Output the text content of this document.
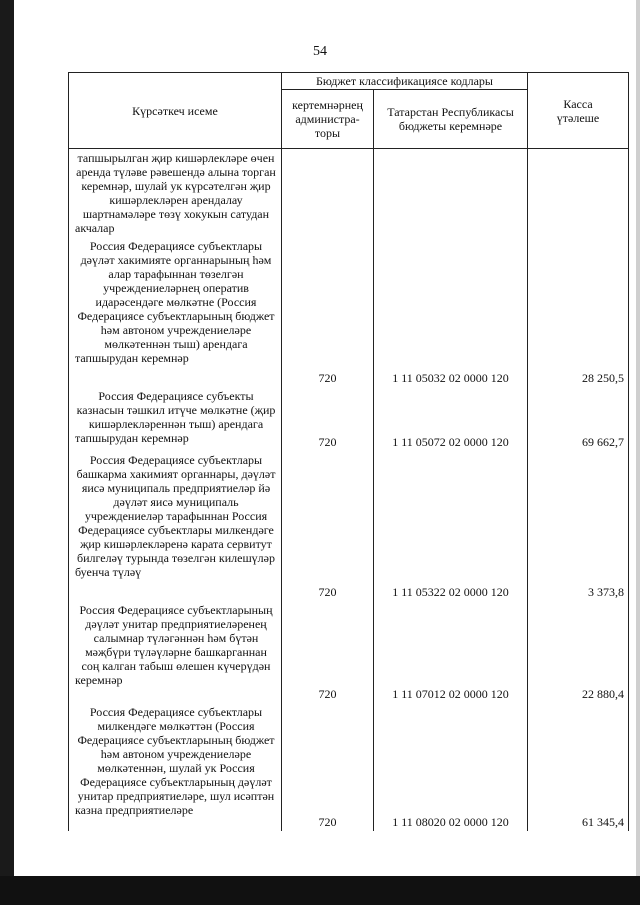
54
Күрсәткеч исеме	Бюджет классификациясе кодлары		Касса үтәлеше
	кертемнәрнең администра- торы	Татарстан Республикасы бюджеты керемнәре	
тапшырылган җир кишәрлекләре өчен аренда түләве рәвешендә алына торган керемнәр, шулай ук күрсәтелгән җир кишәрлекләрен арендалау шартнамәләре төзү хокукын сатудан акчалар			
Россия Федерациясе субъектлары дәүләт хакимияте органнарының һәм алар тарафыннан төзелгән учреждениеләрнең оператив идарәсендәге мөлкәтне (Россия Федерациясе субъектларының бюджет һәм автоном учреждениеләре мөлкәтеннән тыш) арендага тапшырудан керемнәр	720	1 11 05032 02 0000 120	28 250,5
Россия Федерациясе субъекты казнасын тәшкил итүче мөлкәтне (җир кишәрлекләреннән тыш) арендага тапшырудан керемнәр	720	1 11 05072 02 0000 120	69 662,7
Россия Федерациясе субъектлары башкарма хакимият органнары, дәүләт яисә муниципаль предприятиеләр йә дәүләт яисә муниципаль учреждениеләр тарафыннан Россия Федерациясе субъектлары милкендәге җир кишәрлекләренә карата сервитут билгеләү турында төзелгән килешүләр буенча түләү	720	1 11 05322 02 0000 120	3 373,8
Россия Федерациясе субъектларының дәүләт унитар предприятиеләренең салымнар түләгәннән һәм бүтән мәҗбүри түләүләрне башкарганнан соң калган табыш өлешен күчерүдән керемнәр	720	1 11 07012 02 0000 120	22 880,4
Россия Федерациясе субъектлары милкендәге мөлкәттән (Россия Федерациясе субъектларының бюджет һәм автоном учреждениеләре мөлкәтеннән, шулай ук Россия Федерациясе субъектларының дәүләт унитар предприятиеләре, шул исәптән казна предприятиеләре	720	1 11 08020 02 0000 120	61 345,4
